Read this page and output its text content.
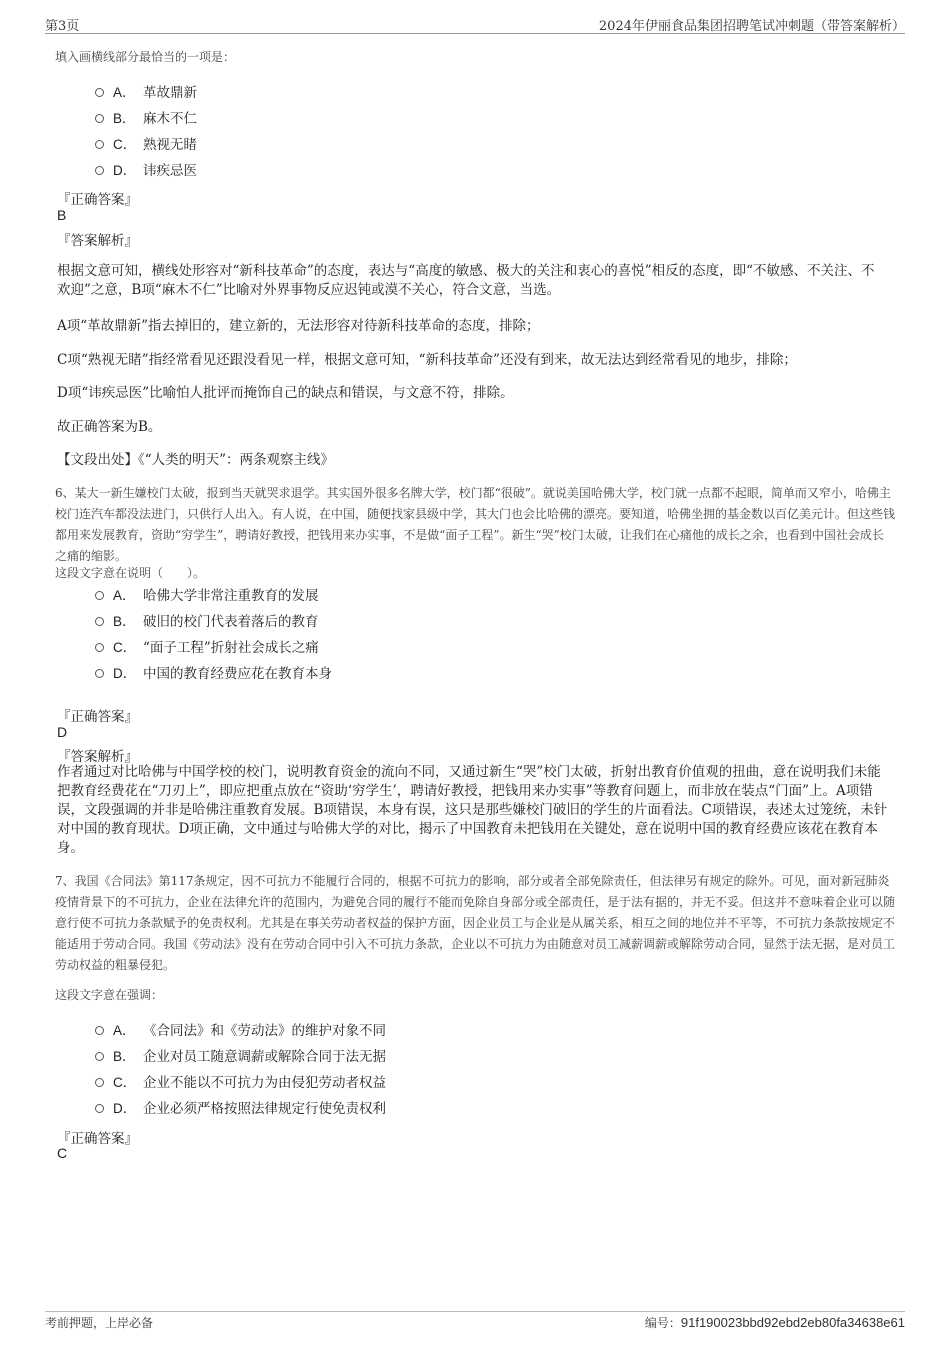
第3页	2024年伊丽食品集团招聘笔试冲刺题（带答案解析）
填入画横线部分最恰当的一项是：
A． 革故鼎新
B． 麻木不仁
C． 熟视无睹
D． 讳疾忌医
『正确答案』
B
『答案解析』
根据文意可知，横线处形容对“新科技革命”的态度，表达与“高度的敏感、极大的关注和衷心的喜悦”相反的态度，即“不敏感、不关注、不欢迎”之意，B项“麻木不仁”比喻对外界事物反应迟钝或漠不关心，符合文意，当选。
A项“革故鼎新”指去掉旧的，建立新的，无法形容对待新科技革命的态度，排除；
C项“熟视无睹”指经常看见还跟没看见一样，根据文意可知，“新科技革命”还没有到来，故无法达到经常看见的地步，排除；
D项“讳疾忌医”比喻怕人批评而掩饰自己的缺点和错误，与文意不符，排除。
故正确答案为B。
【文段出处】《“人类的明天”：两条观察主线》
6、某大一新生嫌校门太破，报到当天就哭求退学。其实国外很多名牌大学，校门都“很破”。就说美国哈佛大学，校门就一点都不起眼，简单而又窄小，哈佛主校门连汽车都没法进门，只供行人出入。有人说，在中国，随便找家县级中学，其大门也会比哈佛的漂亮。要知道，哈佛坐拥的基金数以百亿美元计。但这些钱都用来发展教育，资助“穷学生”，聘请好教授，把钱用来办实事，不是做“面子工程”。新生“哭”校门太破，让我们在心痛他的成长之余，也看到中国社会成长之痛的缩影。
这段文字意在说明（　　）。
A． 哈佛大学非常注重教育的发展
B． 破旧的校门代表着落后的教育
C． “面子工程”折射社会成长之痛
D． 中国的教育经费应花在教育本身
『正确答案』
D
『答案解析』
作者通过对比哈佛与中国学校的校门，说明教育资金的流向不同，又通过新生“哭”校门太破，折射出教育价值观的扭曲，意在说明我们未能把教育经费花在“刀刃上”，即应把重点放在“资助‘穷学生’，聘请好教授，把钱用来办实事”等教育问题上，而非放在装点“门面”上。A项错误，文段强调的并非是哈佛注重教育发展。B项错误，本身有误，这只是那些嫌校门破旧的学生的片面看法。C项错误，表述太过笼统，未针对中国的教育现状。D项正确，文中通过与哈佛大学的对比，揭示了中国教育未把钱用在关键处，意在说明中国的教育经费应该花在教育本身。
7、我国《合同法》第117条规定，因不可抗力不能履行合同的，根据不可抗力的影响，部分或者全部免除责任，但法律另有规定的除外。可见，面对新冠肺炎疫情背景下的不可抗力，企业在法律允许的范围内，为避免合同的履行不能而免除自身部分或全部责任，是于法有据的，并无不妥。但这并不意味着企业可以随意行使不可抗力条款赋予的免责权利。尤其是在事关劳动者权益的保护方面，因企业员工与企业是从属关系，相互之间的地位并不平等，不可抗力条款按规定不能适用于劳动合同。我国《劳动法》没有在劳动合同中引入不可抗力条款，企业以不可抗力为由随意对员工减薪调薪或解除劳动合同，显然于法无据，是对员工劳动权益的粗暴侵犯。
这段文字意在强调：
A． 《合同法》和《劳动法》的维护对象不同
B． 企业对员工随意调薪或解除合同于法无据
C． 企业不能以不可抗力为由侵犯劳动者权益
D． 企业必须严格按照法律规定行使免责权利
『正确答案』
C
考前押题，上岸必备	编号：91f190023bbd92ebd2eb80fa34638e61
